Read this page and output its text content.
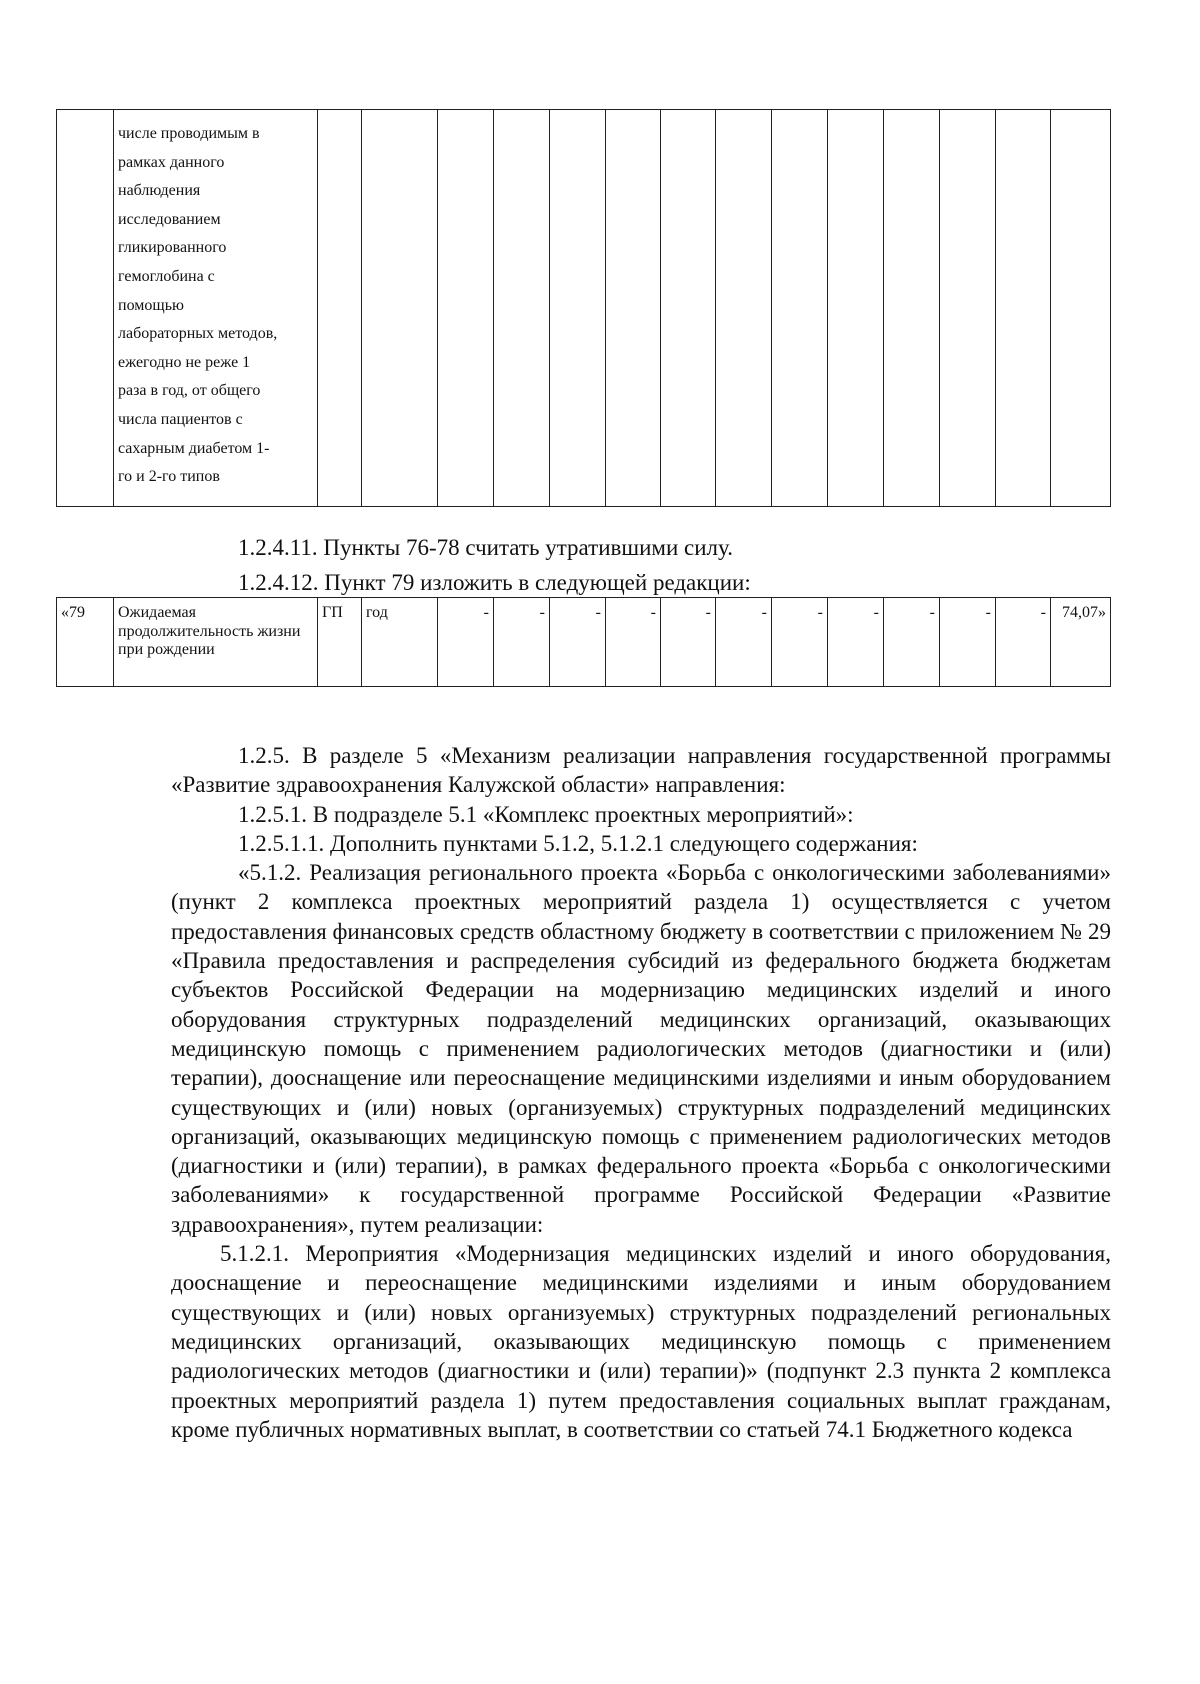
числе проводимым в
рамках данного
наблюдения
исследованием
гликированного
гемоглобина с
помощью
лабораторных методов,
ежегодно не реже 1
раза в год, от общего
числа пациентов с
сахарным диабетом 1-
го и 2-го типов

1.2.4.11. Пункты 76-78 считать утратившими силу.

1.2.4.12. Пункт 79 изложить в следующей редакции:

«79	Ожидаемая продолжительность жизни при рождении	ГП	год	-	-	-	-	-	-	-	-	-	-	-	74,07»

1.2.5. В разделе 5 «Механизм реализации направления государственной программы «Развитие здравоохранения Калужской области» направления:

1.2.5.1. В подразделе 5.1 «Комплекс проектных мероприятий»:

1.2.5.1.1. Дополнить пунктами 5.1.2, 5.1.2.1 следующего содержания:

«5.1.2. Реализация регионального проекта «Борьба с онкологическими заболеваниями» (пункт 2 комплекса проектных мероприятий раздела 1) осуществляется с учетом предоставления финансовых средств областному бюджету в соответствии с приложением № 29 «Правила предоставления и распределения субсидий из федерального бюджета бюджетам субъектов Российской Федерации на модернизацию медицинских изделий и иного оборудования структурных подразделений медицинских организаций, оказывающих медицинскую помощь с применением радиологических методов (диагностики и (или) терапии), дооснащение или переоснащение медицинскими изделиями и иным оборудованием существующих и (или) новых (организуемых) структурных подразделений медицинских организаций, оказывающих медицинскую помощь с применением радиологических методов (диагностики и (или) терапии), в рамках федерального проекта «Борьба с онкологическими заболеваниями» к государственной программе Российской Федерации «Развитие здравоохранения», путем реализации:

5.1.2.1. Мероприятия «Модернизация медицинских изделий и иного оборудования, дооснащение и переоснащение медицинскими изделиями и иным оборудованием существующих и (или) новых организуемых) структурных подразделений региональных медицинских организаций, оказывающих медицинскую помощь с применением радиологических методов (диагностики и (или) терапии)» (подпункт 2.3 пункта 2 комплекса проектных мероприятий раздела 1) путем предоставления социальных выплат гражданам, кроме публичных нормативных выплат, в соответствии со статьей 74.1 Бюджетного кодекса
